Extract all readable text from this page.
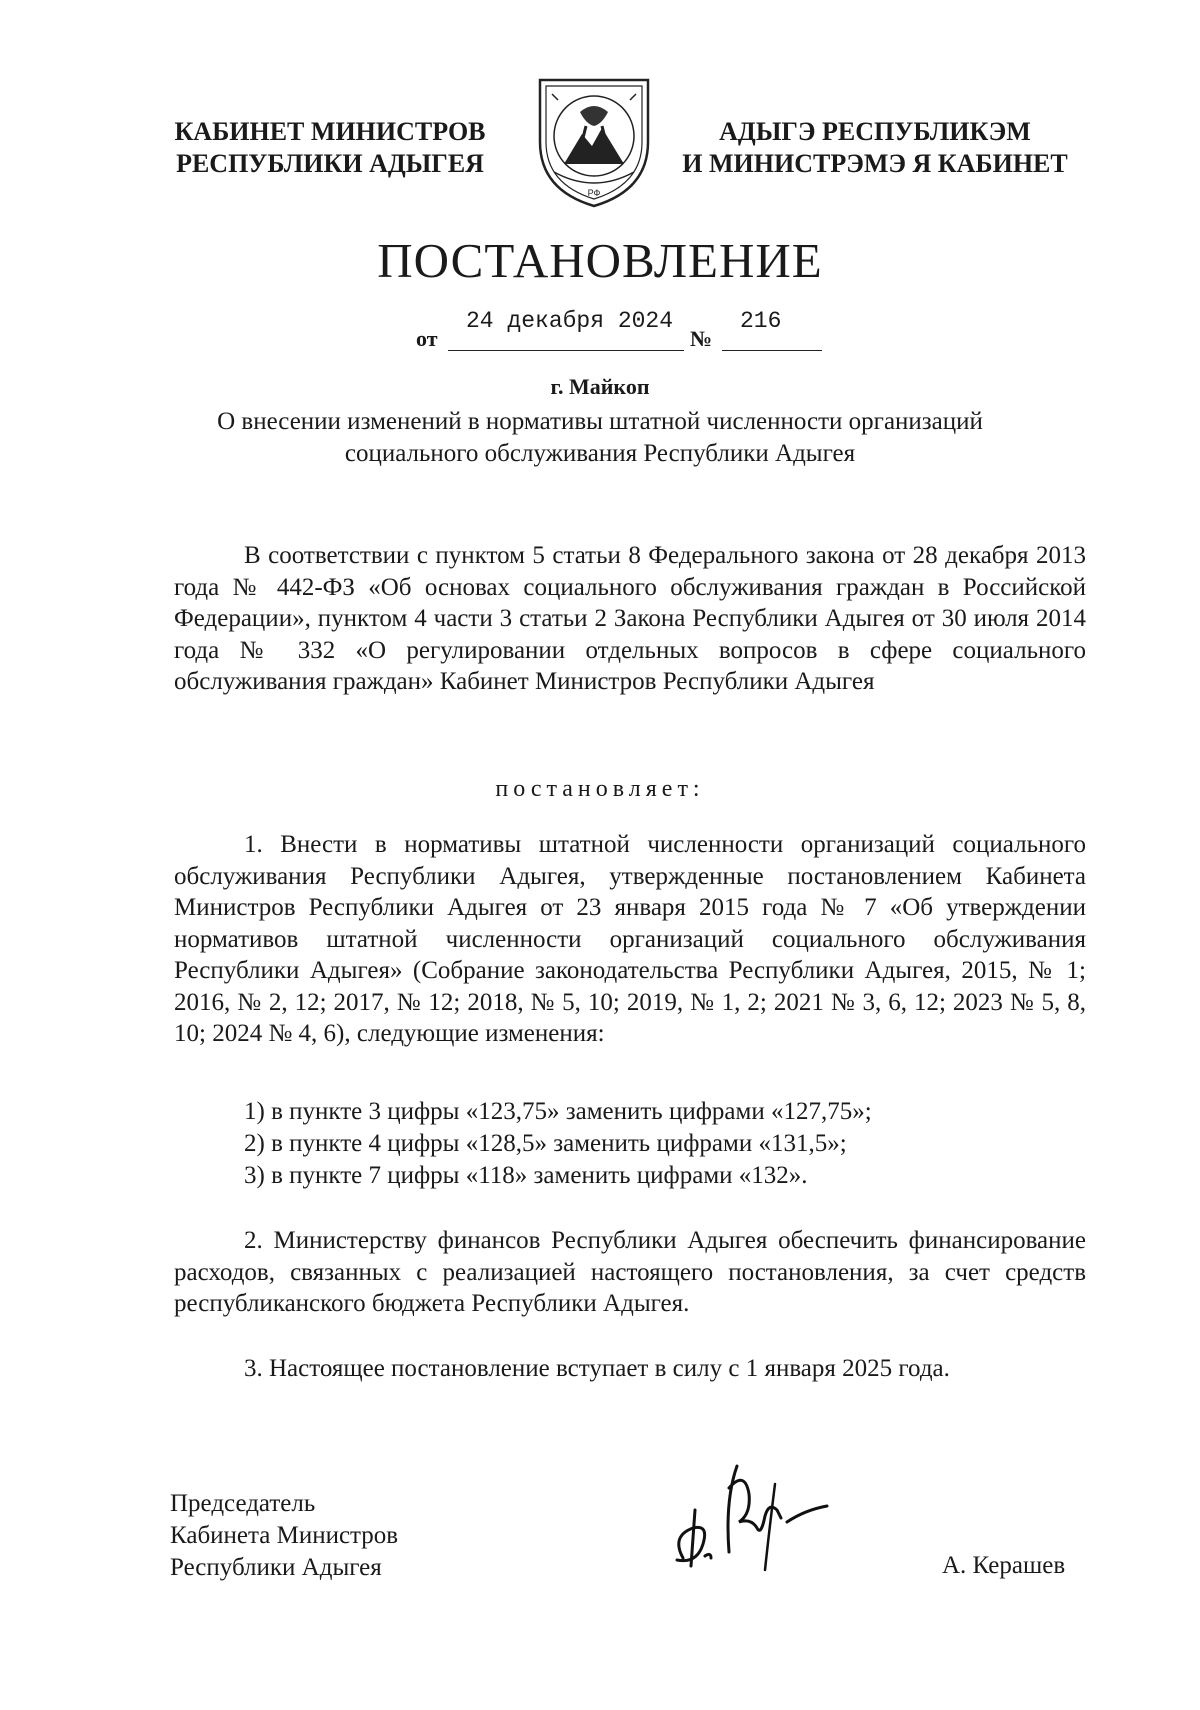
КАБИНЕТ МИНИСТРОВ
РЕСПУБЛИКИ АДЫГЕЯ
РФ
АДЫГЭ РЕСПУБЛИКЭМ
И МИНИСТРЭМЭ Я КАБИНЕТ
ПОСТАНОВЛЕНИЕ
от
24 декабря 2024
№
216
г. Майкоп
О внесении изменений в нормативы штатной численности организаций
социального обслуживания Республики Адыгея
В соответствии с пунктом 5 статьи 8 Федерального закона от 28 декабря 2013 года № 442-ФЗ «Об основах социального обслуживания граждан в Российской Федерации», пунктом 4 части 3 статьи 2 Закона Республики Адыгея от 30 июля 2014 года № 332 «О регулировании отдельных вопросов в сфере социального обслуживания граждан» Кабинет Министров Республики Адыгея
постановляет:
1. Внести в нормативы штатной численности организаций социального обслуживания Республики Адыгея, утвержденные постановлением Кабинета Министров Республики Адыгея от 23 января 2015 года № 7 «Об утверждении нормативов штатной численности организаций социального обслуживания Республики Адыгея» (Собрание законодательства Республики Адыгея, 2015, № 1; 2016, № 2, 12; 2017, № 12; 2018, № 5, 10; 2019, № 1, 2; 2021 № 3, 6, 12; 2023 № 5, 8, 10; 2024 № 4, 6), следующие изменения:
1) в пункте 3 цифры «123,75» заменить цифрами «127,75»;
2) в пункте 4 цифры «128,5» заменить цифрами «131,5»;
3) в пункте 7 цифры «118» заменить цифрами «132».
2. Министерству финансов Республики Адыгея обеспечить финансирование расходов, связанных с реализацией настоящего постановления, за счет средств республиканского бюджета Республики Адыгея.
3. Настоящее постановление вступает в силу с 1 января 2025 года.
Председатель
Кабинета Министров
Республики Адыгея	А. Керашев
